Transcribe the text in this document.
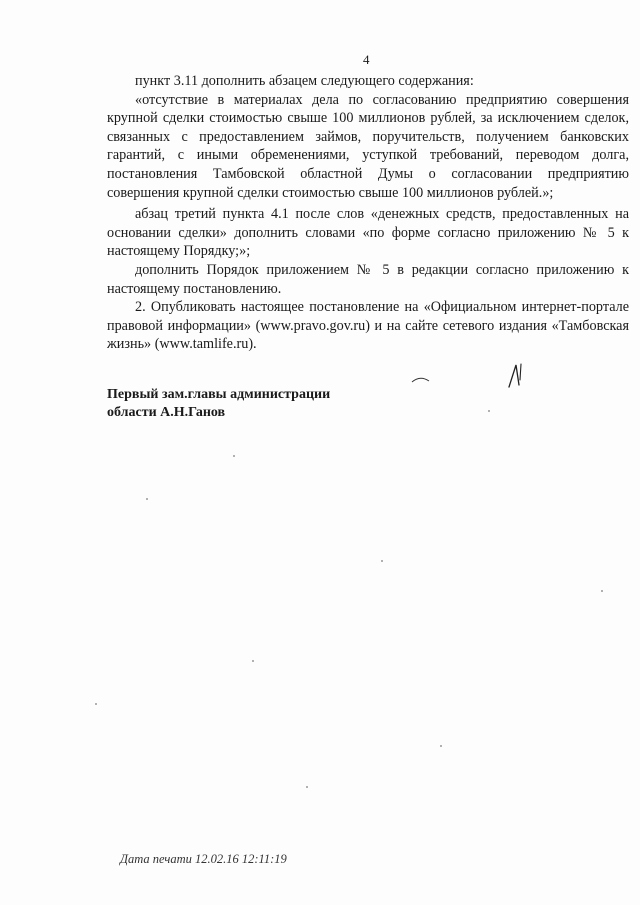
4

пункт 3.11 дополнить абзацем следующего содержания:

«отсутствие в материалах дела по согласованию предприятию совершения крупной сделки стоимостью свыше 100 миллионов рублей, за исключением сделок, связанных с предоставлением займов, поручительств, получением банковских гарантий, с иными обременениями, уступкой требований, переводом долга, постановления Тамбовской областной Думы о согласовании предприятию совершения крупной сделки стоимостью свыше 100 миллионов рублей.»;

абзац третий пункта 4.1 после слов «денежных средств, предоставленных на основании сделки» дополнить словами «по форме согласно приложению № 5 к настоящему Порядку;»;

дополнить Порядок приложением № 5 в редакции согласно приложению к настоящему постановлению.

2. Опубликовать настоящее постановление на «Официальном интернет-портале правовой информации» (www.pravo.gov.ru) и на сайте сетевого издания «Тамбовская жизнь» (www.tamlife.ru).

Первый зам.главы администрации
области А.Н.Ганов
Дата печати 12.02.16 12:11:19
